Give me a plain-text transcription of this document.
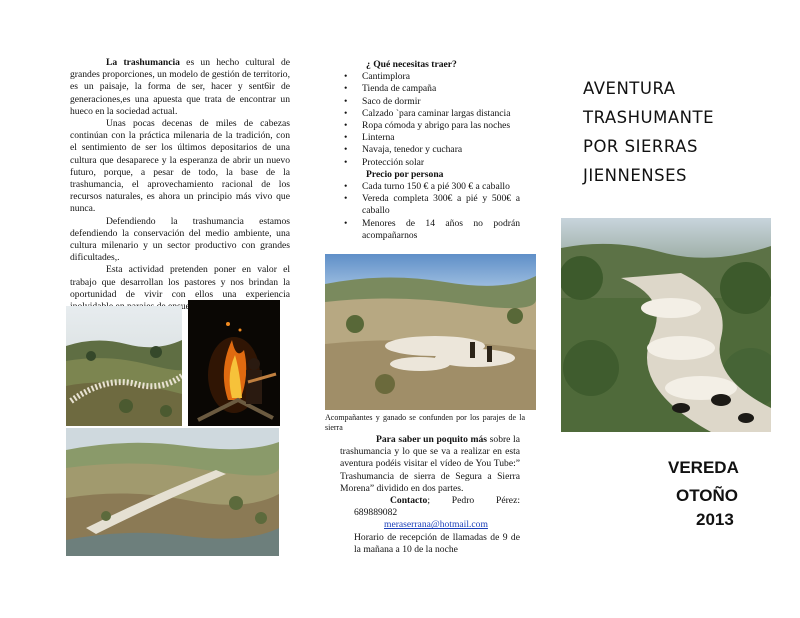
La trashumancia es un hecho cultural de grandes proporciones, un modelo de gestión de territorio, es un paisaje, la forma de ser, hacer y sent6ir de generaciones,es una apuesta que trata de encontrar un hueco en la sociedad actual.

Unas pocas decenas de miles de cabezas continúan con la práctica milenaria de la tradición, con el sentimiento de ser los últimos depositarios de una cultura que desaparece y la esperanza de abrir un nuevo futuro, porque, a pesar de todo, la base de la trashumancia, el aprovechamiento racional de los recursos naturales, es ahora un principio más vivo que nunca.

Defendiendo la trashumancia estamos defendiendo la conservación del medio ambiente, una cultura milenario y un sector productivo con grandes dificultades,.

Esta actividad pretenden poner en valor el trabajo que desarrollan los pastores y nos brindan la oportunidad de vivir con ellos una experiencia ensueño.

¿ Qué necesitas traer?
• Cantimplora
• Tienda de campaña
• Saco de dormir
• Calzado `para caminar largas distancia
• Ropa cómoda y abrigo para las noches
• Linterna
• Navaja, tenedor y cuchara
• Protección solar
Precio por persona
• Cada turno 150 € a pié 300 € a caballo
• Vereda completa 300€ a pié y 500€ a caballo
• Menores de 14 años no podrán acompañarnos
Acompañantes y ganado se confunden por los parajes de la sierra

Para saber un poquito más sobre la trashumancia y lo que se va a realizar en esta aventura podéis visitar el vídeo de You Tube:” Trashumancia de sierra de Segura a Sierra Morena” dividido en dos partes.

Contacto; Pedro Pérez: 689889082

meraserrana@hotmail.com

Horario de recepción de llamadas de 9 de la mañana a 10 de la noche

AVENTURA
TRASHUMANTE
POR SIERRAS
JIENNENSES
VEREDA
OTOÑO
2013
